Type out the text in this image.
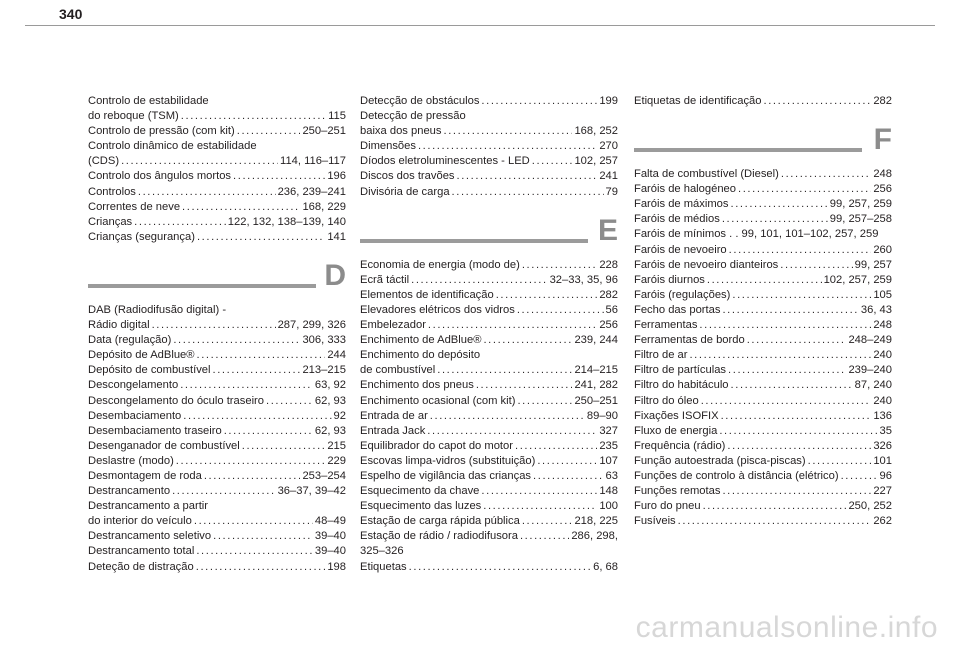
340
Controlo de estabilidade
do reboque (TSM) .....	115
Controlo de pressão (com kit) .....	250–251
Controlo dinâmico de estabilidade
(CDS) .....	114, 116–117
Controlo dos ângulos mortos .....	196
Controlos .....	236, 239–241
Correntes de neve .....	168, 229
Crianças .....	122, 132, 138–139, 140
Crianças (segurança) .....	141
D
DAB (Radiodifusão digital) -
Rádio digital .....	287, 299, 326
Data (regulação) .....	306, 333
Depósito de AdBlue® .....	244
Depósito de combustível .....	213–215
Descongelamento .....	63, 92
Descongelamento do óculo traseiro .....	62, 93
Desembaciamento .....	92
Desembaciamento traseiro .....	62, 93
Desenganador de combustível .....	215
Deslastre (modo) .....	229
Desmontagem de roda .....	253–254
Destrancamento .....	36–37, 39–42
Destrancamento a partir
do interior do veículo .....	48–49
Destrancamento seletivo .....	39–40
Destrancamento total .....	39–40
Deteção de distração .....	198
Detecção de obstáculos .....	199
Detecção de pressão
baixa dos pneus .....	168, 252
Dimensões .....	270
Díodos eletroluminescentes - LED .....	102, 257
Discos dos travões .....	241
Divisória de carga .....	79
E
Economia de energia (modo de) .....	228
Ecrã táctil .....	32–33, 35, 96
Elementos de identificação .....	282
Elevadores elétricos dos vidros .....	56
Embelezador .....	256
Enchimento de AdBlue® .....	239, 244
Enchimento do depósito
de combustível .....	214–215
Enchimento dos pneus .....	241, 282
Enchimento ocasional (com kit) .....	250–251
Entrada de ar .....	89–90
Entrada Jack .....	327
Equilibrador do capot do motor .....	235
Escovas limpa-vidros (substituição) .....	107
Espelho de vigilância das crianças .....	63
Esquecimento da chave .....	148
Esquecimento das luzes .....	100
Estação de carga rápida pública .....	218, 225
Estação de rádio / radiodifusora .....	286, 298,
325–326
Etiquetas .....	6, 68
Etiquetas de identificação .....	282
F
Falta de combustível (Diesel) .....	248
Faróis de halogéneo .....	256
Faróis de máximos .....	99, 257, 259
Faróis de médios .....	99, 257–258
Faróis de mínimos . . 99, 101, 101–102, 257, 259
Faróis de nevoeiro .....	260
Faróis de nevoeiro dianteiros .....	99, 257
Faróis diurnos .....	102, 257, 259
Faróis (regulações) .....	105
Fecho das portas .....	36, 43
Ferramentas .....	248
Ferramentas de bordo .....	248–249
Filtro de ar .....	240
Filtro de partículas .....	239–240
Filtro do habitáculo .....	87, 240
Filtro do óleo .....	240
Fixações ISOFIX .....	136
Fluxo de energia .....	35
Frequência (rádio) .....	326
Função autoestrada (pisca-piscas) .....	101
Funções de controlo à distância (elétrico) .....	96
Funções remotas .....	227
Furo do pneu .....	250, 252
Fusíveis .....	262
carmanualsonline.info
